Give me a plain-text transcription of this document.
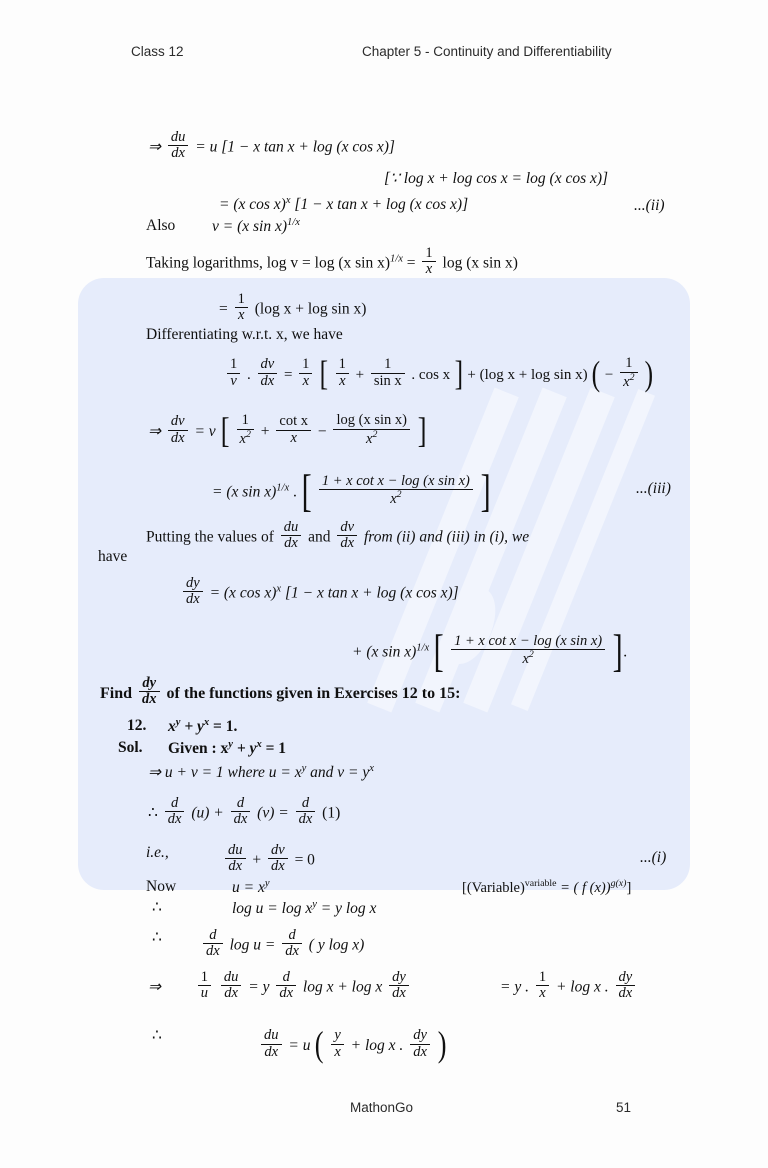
Class 12	Chapter 5 - Continuity and Differentiability
⇒ $\frac{du}{dx} = u$ [1 − x tan x + log (x cos x)]
[∵ log x + log cos x = log (x cos x)]
= (x cos x)$^x$ [1 − x tan x + log (x cos x)]	...(ii)
Also v = (x sin x)$^{1/x}$
Taking logarithms, log v = log (x $\sin x)^{1/x} = \frac{1}{x}$ log (x sin x)
= $\frac{1}{x} (\log$ x + log sin x)
Differentiating w.r.t. x, we have
$\frac{1}{v}$ . $\frac{dv}{dx} = \frac{1}{x}$ [ $\frac{1}{x} + \frac{1}{\text{sin x}}$ . cos x ] + (log x + log sin x) ( − $\frac{1}{x^2}$ )
⇒ $\frac{dv}{dx} = v$ [ $\frac{1}{x^2} + \frac{\text{cot x}}{x} - \frac{\text{log (x sin x)}}{x^2}$ ]
= (x sin x)$^{1/x}$ . [ $\frac{\text{1 + x cot x − log (x sin x)}}{x^2}$ ]	...(iii)
Putting the values of $\frac{du}{dx}$ and $\frac{dv}{dx}$ from (ii) and (iii) in (i), we
have
$\frac{dy}{dx} = (x$ cos x)$^x$ [1 − x tan x + log (x cos x)]
+ (x sin x)$^{1/x}$ [ $\frac{\text{1 + x cot x − log (x sin x)}}{x^2}$ ].
Find $\frac{dy}{dx}$ of the functions given in Exercises 12 to 15:
12. $x^y + y^x = 1$.
Sol. Given : $x^y + y^x = 1$
⇒ u + v = 1 where $u = x^y$ and $v = y^x$
∴ $\frac{d}{dx} (u) + \frac{d}{dx} (v) = \frac{d}{dx} (1)$
i.e.,	$\frac{du}{dx} + \frac{dv}{dx} = 0$	...(i)
Now	$u = x^y$	[(Variable)$^{variable}$ = ( f (x))$^{g(x)}$]
∴	$\log u = \log x^y = y$ log x
∴	$\frac{d}{dx}$ $\log u = \frac{d}{dx}$ ( y log x)
⇒	$\frac{1}{u}$
$\frac{du}{dx} = y \frac{d}{dx}$ log x + log x $\frac{dy}{dx}$	= y . $\frac{1}{x} + \log x$ . $\frac{dy}{dx}$
∴	$\frac{du}{dx} = u$ ( $\frac{y}{x} + \log x$ . $\frac{dy}{dx}$ )
MathonGo	51
